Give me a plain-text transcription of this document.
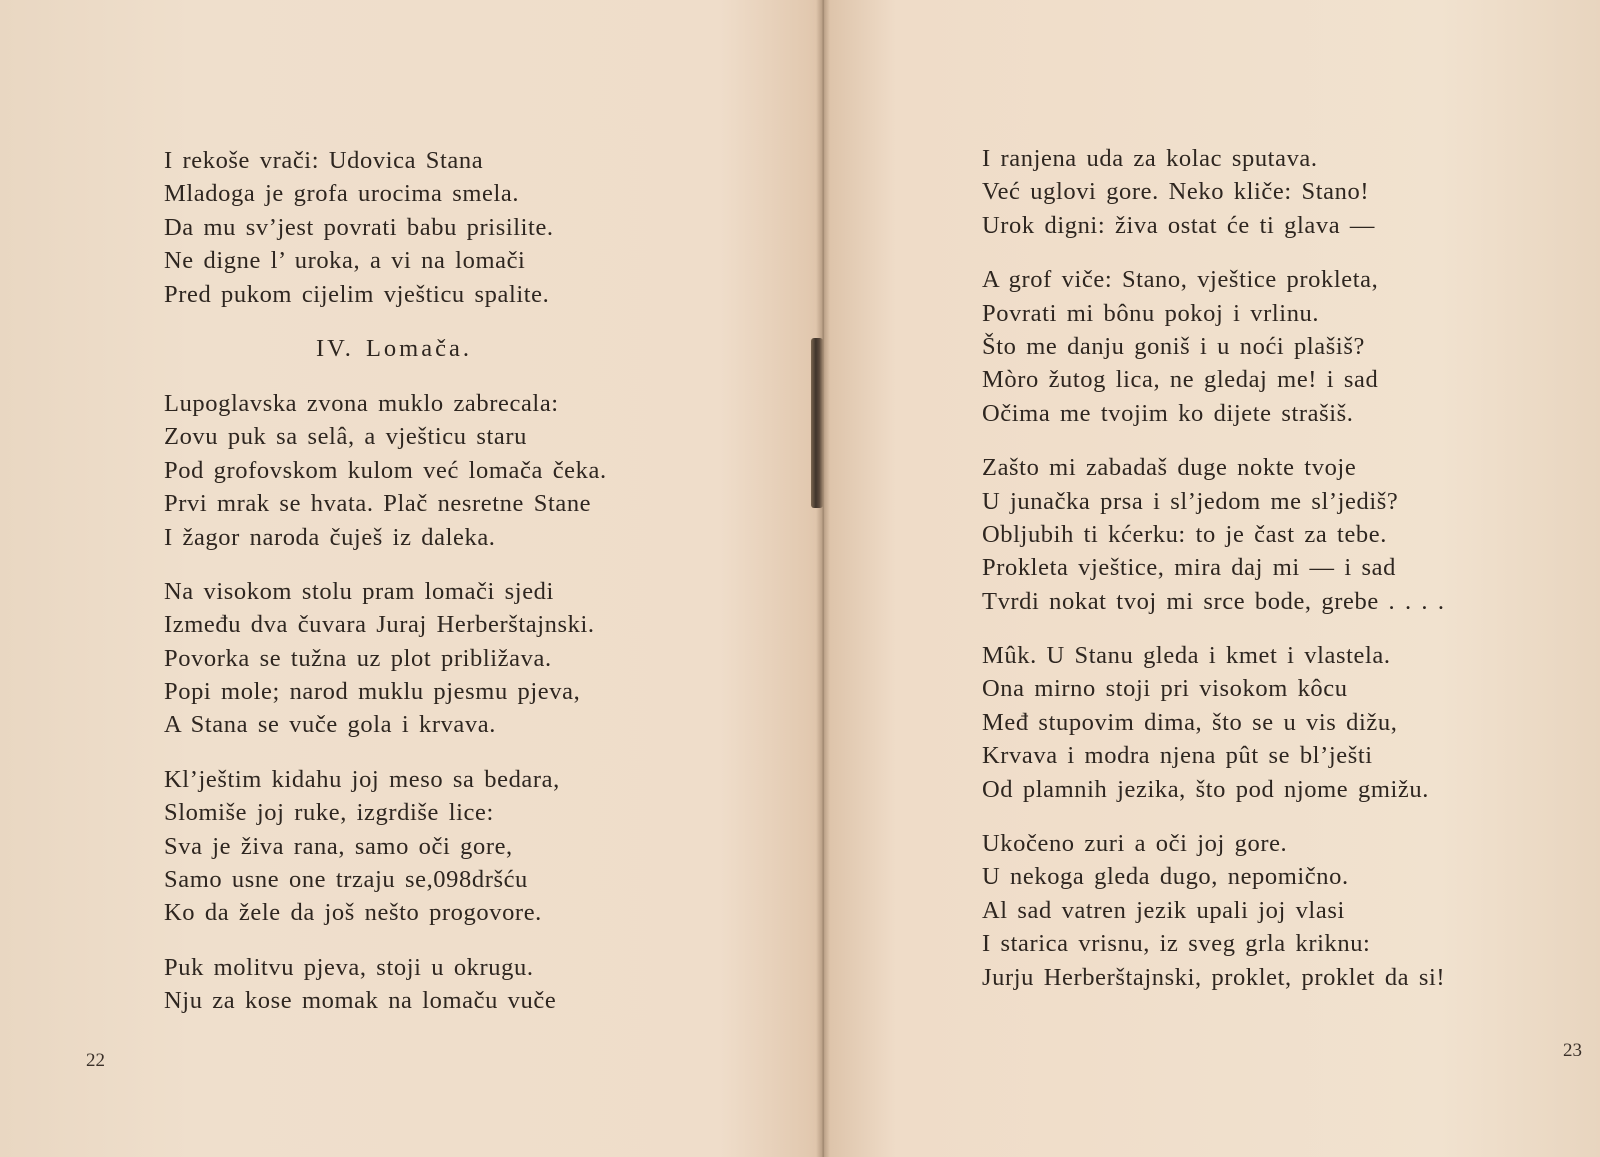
I rekoše vrači: Udovica Stana
Mladoga je grofa urocima smela.
Da mu sv’jest povrati babu prisilite.
Ne digne l’ uroka, a vi na lomači
Pred pukom cijelim vješticu spalite.
IV. Lomača.
Lupoglavska zvona muklo zabrecala:
Zovu puk sa selâ, a vješticu staru
Pod grofovskom kulom već lomača čeka.
Prvi mrak se hvata. Plač nesretne Stane
I žagor naroda čuješ iz daleka.
Na visokom stolu pram lomači sjedi
Između dva čuvara Juraj Herberštajnski.
Povorka se tužna uz plot približava.
Popi mole; narod muklu pjesmu pjeva,
A Stana se vuče gola i krvava.
Kl’ještim kidahu joj meso sa bedara,
Slomiše joj ruke, izgrdiše lice:
Sva je živa rana, samo oči gore,
Samo usne one trzaju se,098dršću
Ko da žele da još nešto progovore.
Puk molitvu pjeva, stoji u okrugu.
Nju za kose momak na lomaču vuče
22
I ranjena uda za kolac sputava.
Već uglovi gore. Neko kliče: Stano!
Urok digni: živa ostat će ti glava —
A grof viče: Stano, vještice prokleta,
Povrati mi bônu pokoj i vrlinu.
Što me danju goniš i u noći plašiš?
Mòro žutog lica, ne gledaj me! i sad
Očima me tvojim ko dijete strašiš.
Zašto mi zabadaš duge nokte tvoje
U junačka prsa i sl’jedom me sl’jediš?
Obljubih ti kćerku: to je čast za tebe.
Prokleta vještice, mira daj mi — i sad
Tvrdi nokat tvoj mi srce bode, grebe . . . .
Mûk. U Stanu gleda i kmet i vlastela.
Ona mirno stoji pri visokom kôcu
Međ stupovim dima, što se u vis dižu,
Krvava i modra njena pût se bl’ješti
Od plamnih jezika, što pod njome gmižu.
Ukočeno zuri a oči joj gore.
U nekoga gleda dugo, nepomično.
Al sad vatren jezik upali joj vlasi
I starica vrisnu, iz sveg grla kriknu:
Jurju Herberštajnski, proklet, proklet da si!
23
